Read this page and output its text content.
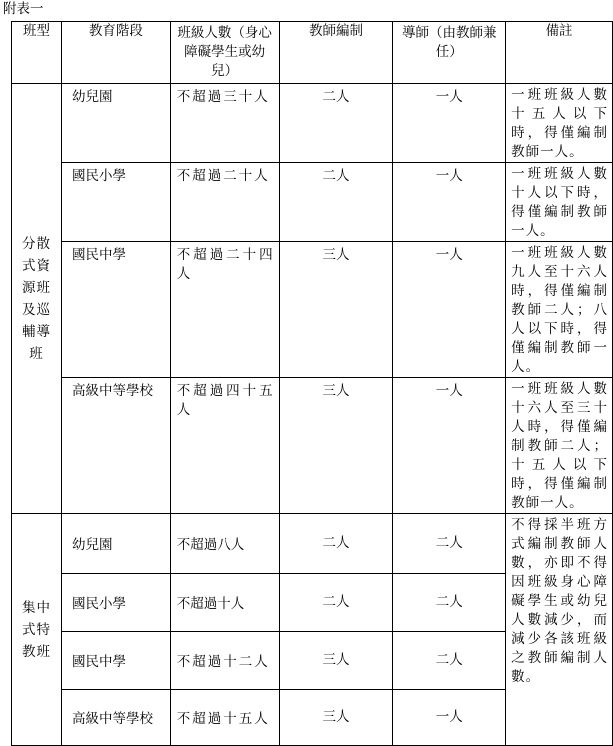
附表一
班型	教育階段	班級人數（身心障礙學生或幼兒）	教師編制	導師（由教師兼任）	備註
分散式資源班及巡輔導班	幼兒園	不超過三十人	二人	一人	一班班級人數十五人以下時，得僅編制教師一人。
	國民小學	不超過二十人	二人	一人	一班班級人數十人以下時，得僅編制教師一人。
	國民中學	不超過二十四人	三人	一人	一班班級人數九人至十六人時，得僅編制教師二人；八人以下時，得僅編制教師一人。
	高級中等學校	不超過四十五人	三人	一人	一班班級人數十六人至三十人時，得僅編制教師二人；十五人以下時，得僅編制教師一人。
集中式特教班	幼兒園	不超過八人	二人	二人	不得採半班方式編制教師人數，亦即不得因班級身心障礙學生或幼兒人數減少，而減少各該班級之教師編制人數。
	國民小學	不超過十人	二人	二人	
	國民中學	不超過十二人	三人	二人	
	高級中等學校	不超過十五人	三人	一人	
